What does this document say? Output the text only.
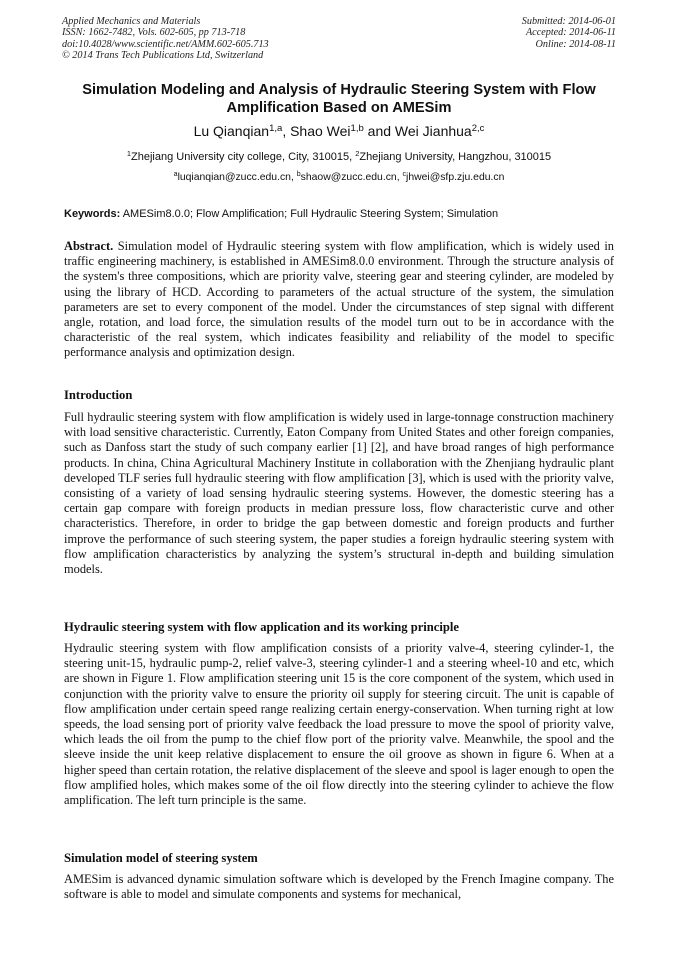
Applied Mechanics and Materials
ISSN: 1662-7482, Vols. 602-605, pp 713-718
doi:10.4028/www.scientific.net/AMM.602-605.713
© 2014 Trans Tech Publications Ltd, Switzerland
Submitted: 2014-06-01
Accepted: 2014-06-11
Online: 2014-08-11
Simulation Modeling and Analysis of Hydraulic Steering System with Flow Amplification Based on AMESim
Lu Qianqian$^{1,a}$, Shao Wei$^{1,b}$ and Wei Jianhua$^{2,c}$
$^1$Zhejiang University city college, City, 310015, $^2$Zhejiang University, Hangzhou, 310015
$^a$luqianqian@zucc.edu.cn, $^b$shaow@zucc.edu.cn, $^c$jhwei@sfp.zju.edu.cn
Keywords: AMESim8.0.0; Flow Amplification; Full Hydraulic Steering System; Simulation
Abstract. Simulation model of Hydraulic steering system with flow amplification, which is widely used in traffic engineering machinery, is established in AMESim8.0.0 environment. Through the structure analysis of the system's three compositions, which are priority valve, steering gear and steering cylinder, are modeled by using the library of HCD. According to parameters of the actual structure of the system, the simulation parameters are set to every component of the model. Under the circumstances of step signal with different angle, rotation, and load force, the simulation results of the model turn out to be in accordance with the characteristic of the real system, which indicates feasibility and reliability of the model to specific performance analysis and optimization design.
Introduction
Full hydraulic steering system with flow amplification is widely used in large-tonnage construction machinery with load sensitive characteristic. Currently, Eaton Company from United States and other foreign companies, such as Danfoss start the study of such company earlier [1] [2], and have broad ranges of high performance products. In china, China Agricultural Machinery Institute in collaboration with the Zhenjiang hydraulic plant developed TLF series full hydraulic steering with flow amplification [3], which is used with the priority valve, consisting of a variety of load sensing hydraulic steering systems. However, the domestic steering has a certain gap compare with foreign products in median pressure loss, flow characteristic curve and other characteristics. Therefore, in order to bridge the gap between domestic and foreign products and further improve the performance of such steering system, the paper studies a foreign hydraulic steering system with flow amplification characteristics by analyzing the system’s structural in-depth and building simulation models.
Hydraulic steering system with flow application and its working principle
Hydraulic steering system with flow amplification consists of a priority valve-4, steering cylinder-1, the steering unit-15, hydraulic pump-2, relief valve-3, steering cylinder-1 and a steering wheel-10 and etc, which are shown in Figure 1. Flow amplification steering unit 15 is the core component of the system, which used in conjunction with the priority valve to ensure the priority oil supply for steering circuit. The unit is capable of flow amplification under certain speed range realizing certain energy-conservation. When turning right at low speeds, the load sensing port of priority valve feedback the load pressure to move the spool of priority valve, which leads the oil from the pump to the chief flow port of the priority valve. Meanwhile, the spool and the sleeve inside the unit keep relative displacement to ensure the oil groove as shown in figure 6. When at a higher speed than certain rotation, the relative displacement of the sleeve and spool is lager enough to open the flow amplified holes, which makes some of the oil flow directly into the steering cylinder to achieve the flow amplification. The left turn principle is the same.
Simulation model of steering system
AMESim is advanced dynamic simulation software which is developed by the French Imagine company. The software is able to model and simulate components and systems for mechanical,
